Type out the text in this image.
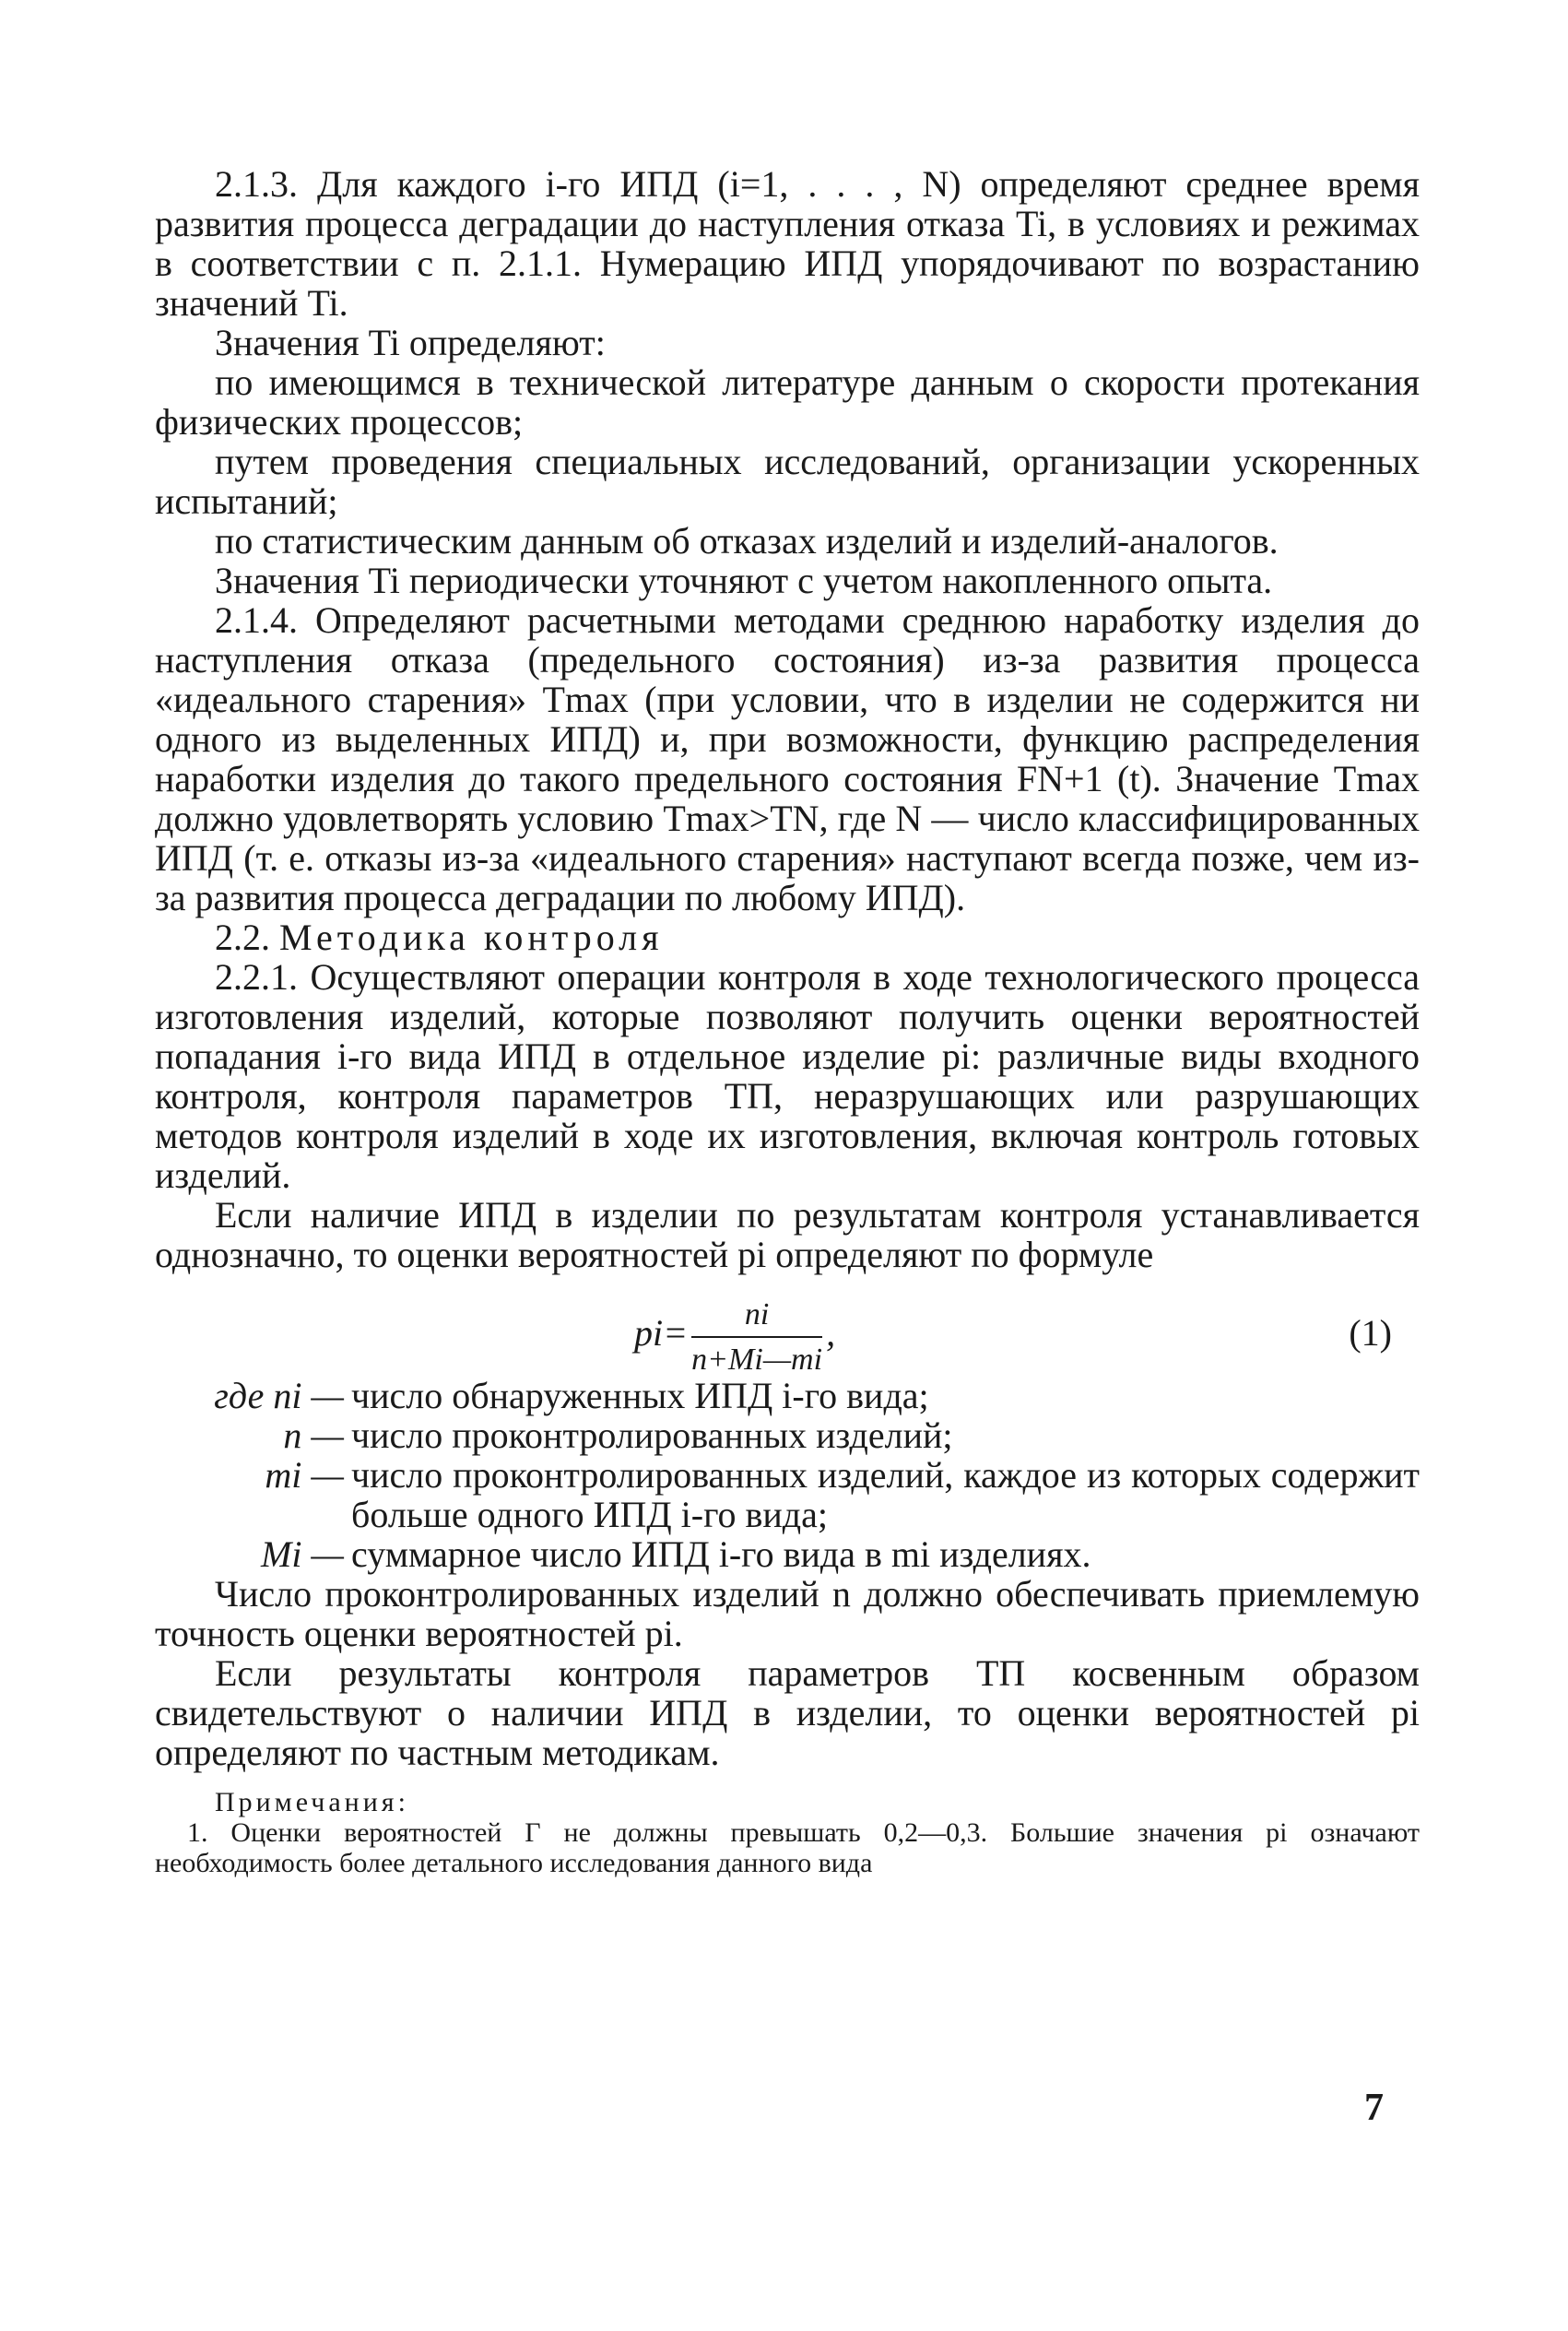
2.1.3. Для каждого i-го ИПД (i=1, . . . , N) определяют среднее время развития процесса деградации до наступления отказа Ti, в условиях и режимах в соответствии с п. 2.1.1. Нумерацию ИПД упорядочивают по возрастанию значений Ti.

Значения Ti определяют:

по имеющимся в технической литературе данным о скорости протекания физических процессов;

путем проведения специальных исследований, организации ускоренных испытаний;

по статистическим данным об отказах изделий и изделий-аналогов.

Значения Ti периодически уточняют с учетом накопленного опыта.

2.1.4. Определяют расчетными методами среднюю наработку изделия до наступления отказа (предельного состояния) из-за развития процесса «идеального старения» Tmax (при условии, что в изделии не содержится ни одного из выделенных ИПД) и, при возможности, функцию распределения наработки изделия до такого предельного состояния FN+1 (t). Значение Tmax должно удовлетворять условию Tmax>TN, где N — число классифицированных ИПД (т. е. отказы из-за «идеального старения» наступают всегда позже, чем из-за развития процесса деградации по любому ИПД).

2.2. Методика контроля

2.2.1. Осуществляют операции контроля в ходе технологического процесса изготовления изделий, которые позволяют получить оценки вероятностей попадания i-го вида ИПД в отдельное изделие pi: различные виды входного контроля, контроля параметров ТП, неразрушающих или разрушающих методов контроля изделий в ходе их изготовления, включая контроль готовых изделий.

Если наличие ИПД в изделии по результатам контроля устанавливается однозначно, то оценки вероятностей pi определяют по формуле

$pi= \frac{ni}{n+Mi—mi}$ ,	(1)
где ni — число обнаруженных ИПД i-го вида;
n — число проконтролированных изделий;
mi — число проконтролированных изделий, каждое из которых содержит больше одного ИПД i-го вида;
Mi — суммарное число ИПД i-го вида в mi изделиях.

Число проконтролированных изделий n должно обеспечивать приемлемую точность оценки вероятностей pi.

Если результаты контроля параметров ТП косвенным образом свидетельствуют о наличии ИПД в изделии, то оценки вероятностей pi определяют по частным методикам.

Примечания:
1. Оценки вероятностей Г не должны превышать 0,2—0,3. Большие значения pi означают необходимость более детального исследования данного вида
7
